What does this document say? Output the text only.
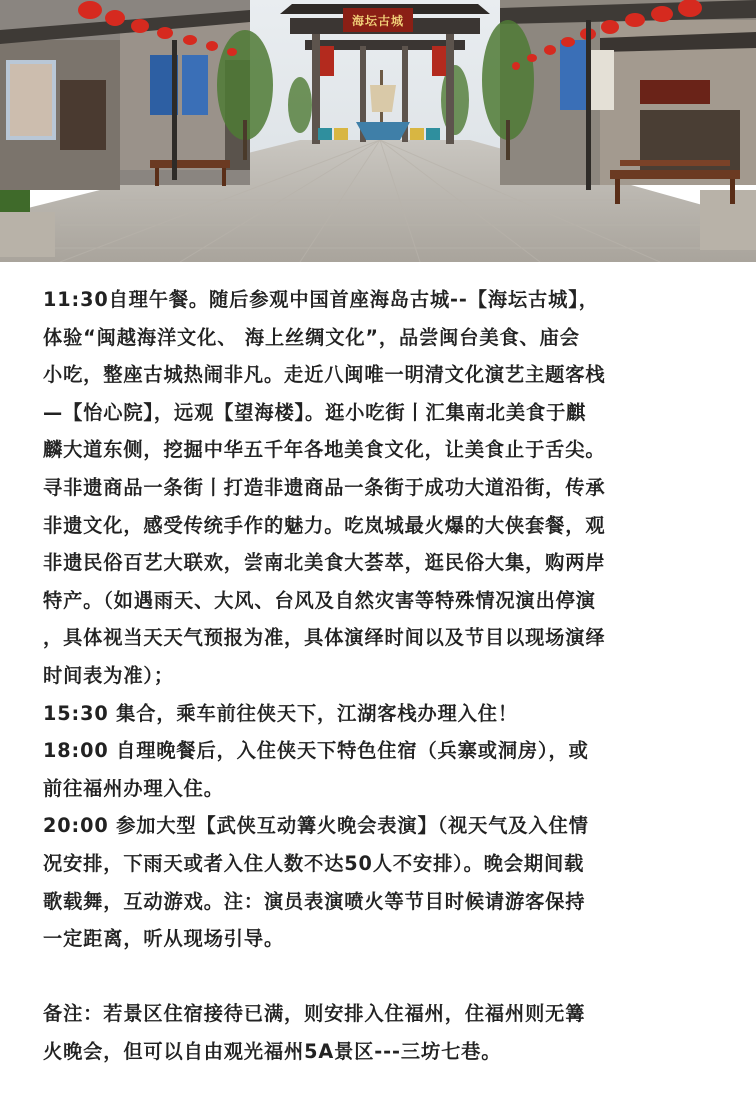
海坛古城
11:30自理午餐。随后参观中国首座海岛古城--【海坛古城】，
体验“闽越海洋文化、 海上丝绸文化”，品尝闽台美食、庙会
小吃，整座古城热闹非凡。走近八闽唯一明清文化演艺主题客栈
—【怡心院】，远观【望海楼】。逛小吃街丨汇集南北美食于麒
麟大道东侧，挖掘中华五千年各地美食文化，让美食止于舌尖。
寻非遗商品一条街丨打造非遗商品一条街于成功大道沿街，传承
非遗文化，感受传统手作的魅力。吃岚城最火爆的大侠套餐，观
非遗民俗百艺大联欢，尝南北美食大荟萃，逛民俗大集，购两岸
特产。（如遇雨天、大风、台风及自然灾害等特殊情况演出停演
，具体视当天天气预报为准，具体演绎时间以及节目以现场演绎
时间表为准）；
15:30 集合，乘车前往侠天下，江湖客栈办理入住！
18:00 自理晚餐后，入住侠天下特色住宿（兵寨或洞房），或
前往福州办理入住。
20:00 参加大型【武侠互动篝火晚会表演】（视天气及入住情
况安排，下雨天或者入住人数不达50人不安排）。晚会期间载
歌载舞，互动游戏。注：演员表演喷火等节目时候请游客保持
一定距离，听从现场引导。
备注：若景区住宿接待已满，则安排入住福州，住福州则无篝
火晚会，但可以自由观光福州5A景区---三坊七巷。
